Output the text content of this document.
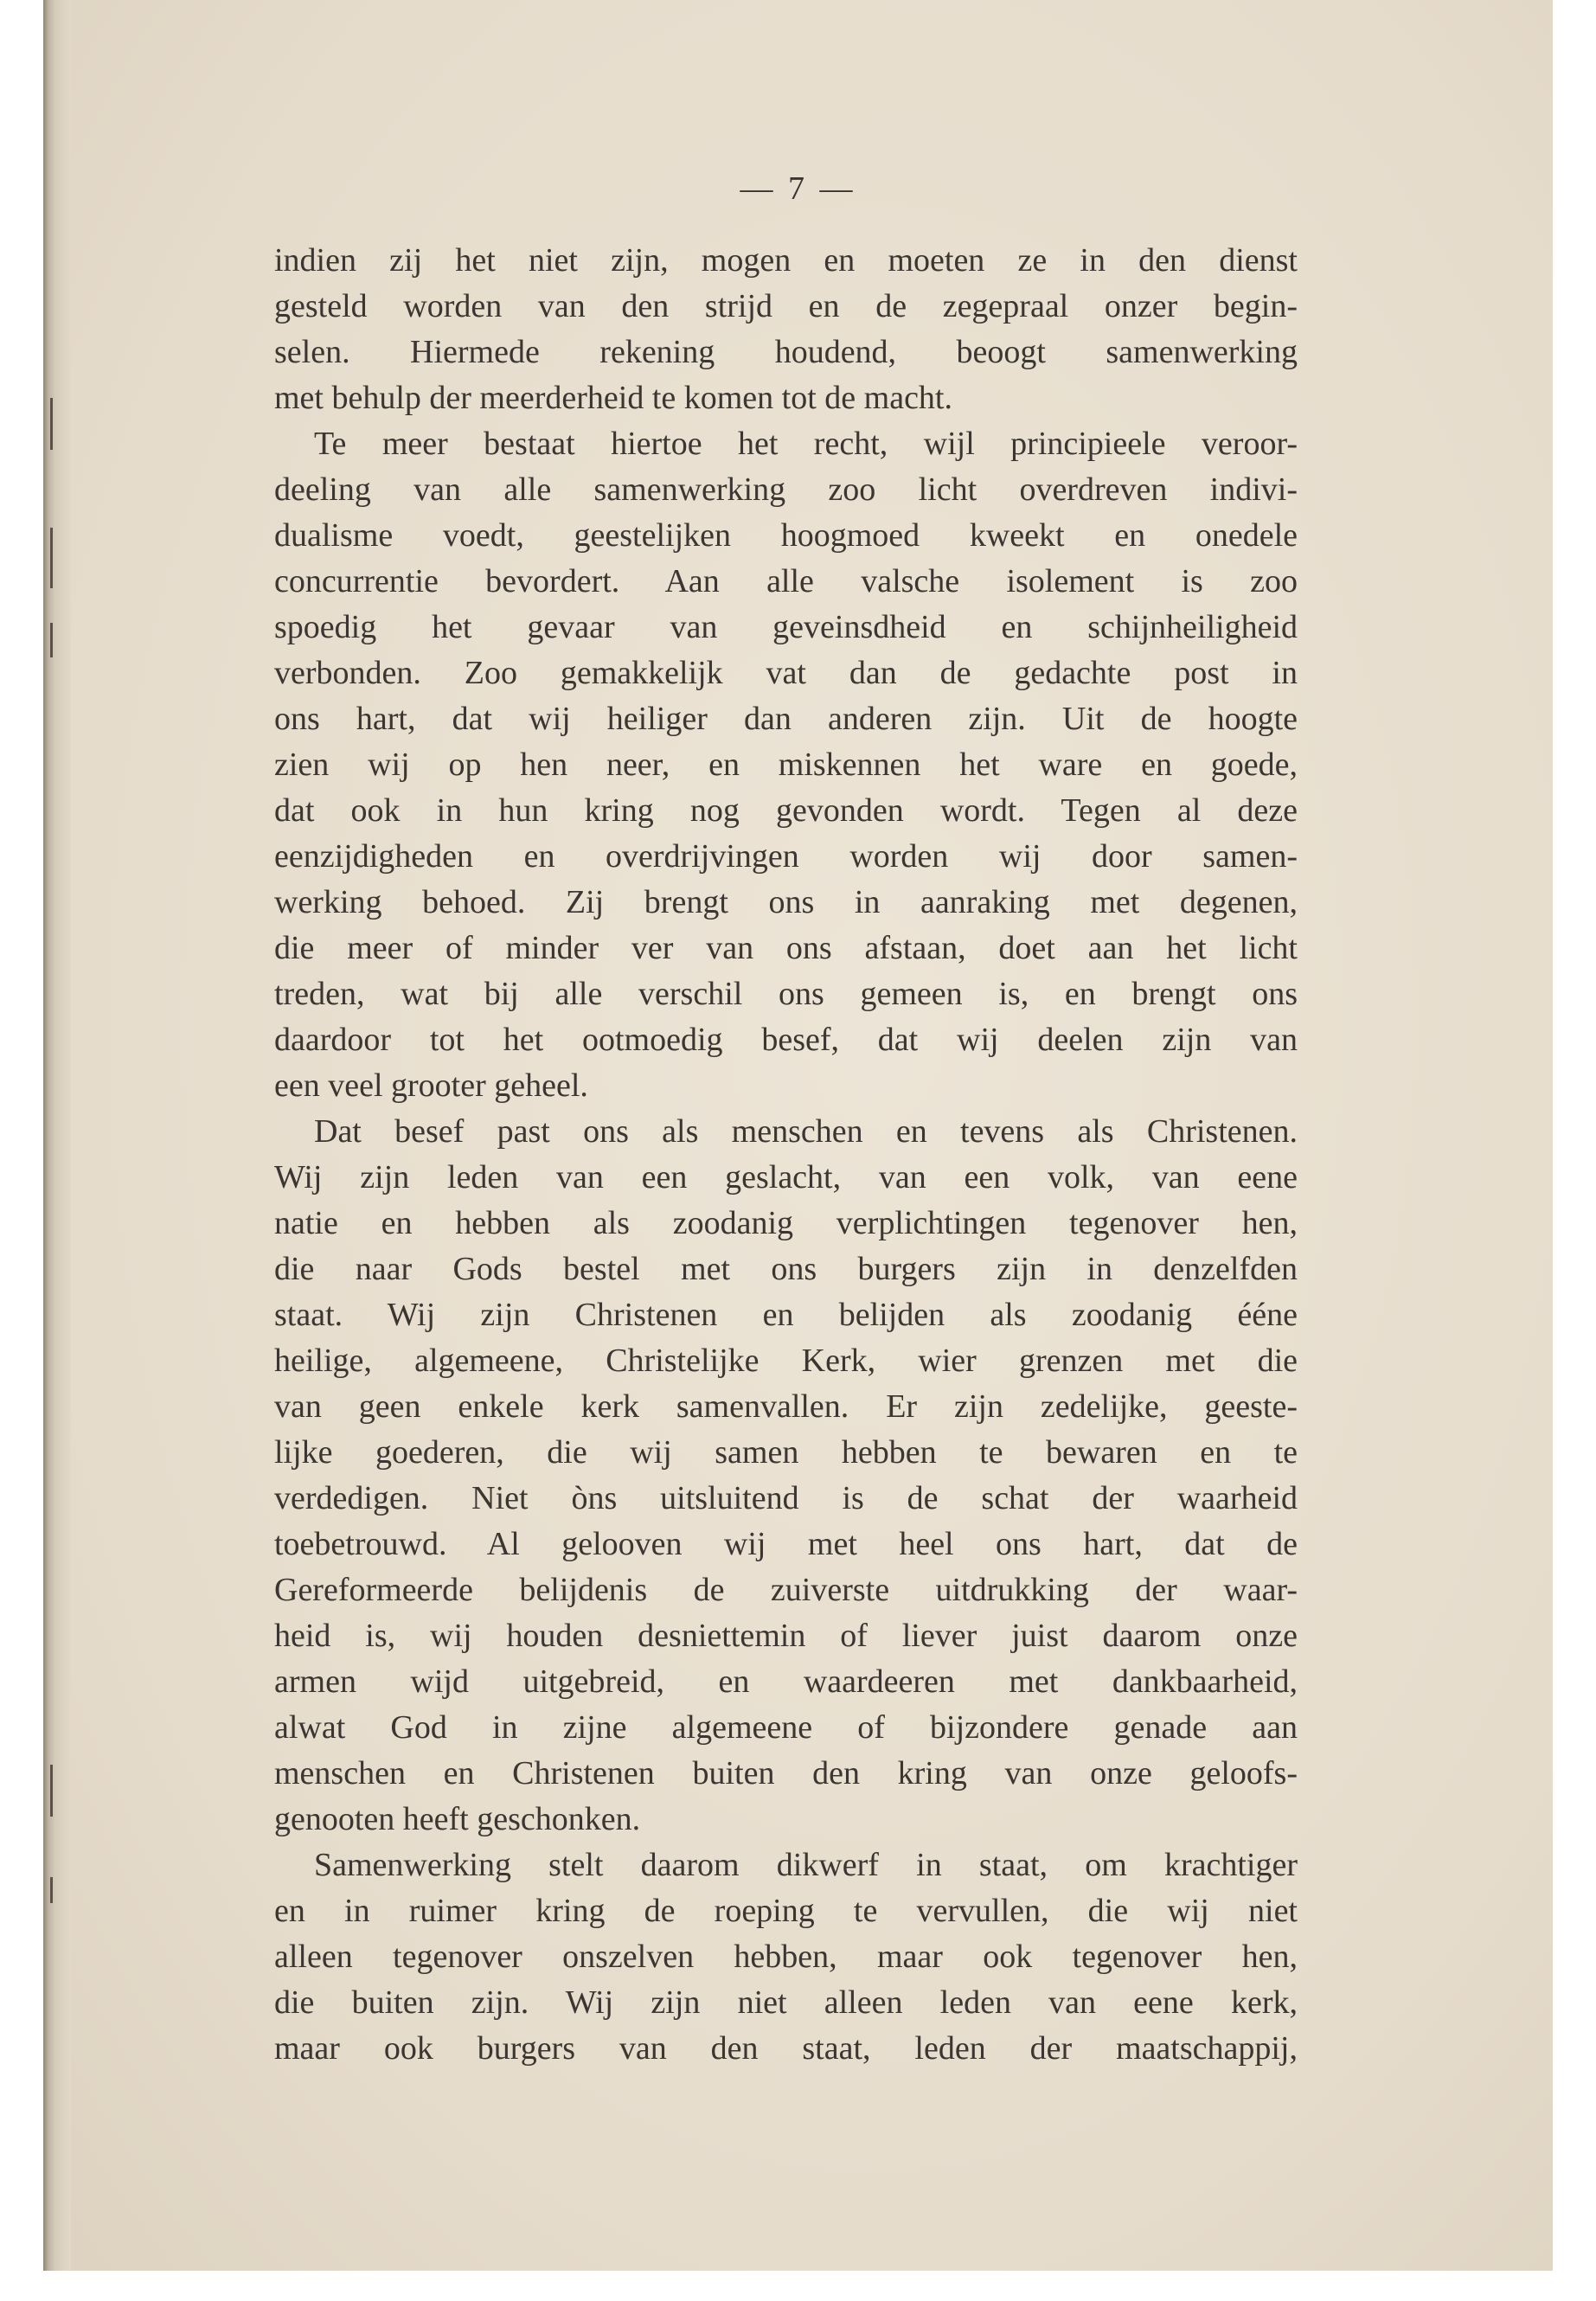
— 7 —
indien zij het niet zijn, mogen en moeten ze in den dienst
gesteld worden van den strijd en de zegepraal onzer begin-
selen. Hiermede rekening houdend, beoogt samenwerking
met behulp der meerderheid te komen tot de macht.
Te meer bestaat hiertoe het recht, wijl principieele veroor-
deeling van alle samenwerking zoo licht overdreven indivi-
dualisme voedt, geestelijken hoogmoed kweekt en onedele
concurrentie bevordert. Aan alle valsche isolement is zoo
spoedig het gevaar van geveinsdheid en schijnheiligheid
verbonden. Zoo gemakkelijk vat dan de gedachte post in
ons hart, dat wij heiliger dan anderen zijn. Uit de hoogte
zien wij op hen neer, en miskennen het ware en goede,
dat ook in hun kring nog gevonden wordt. Tegen al deze
eenzijdigheden en overdrijvingen worden wij door samen-
werking behoed. Zij brengt ons in aanraking met degenen,
die meer of minder ver van ons afstaan, doet aan het licht
treden, wat bij alle verschil ons gemeen is, en brengt ons
daardoor tot het ootmoedig besef, dat wij deelen zijn van
een veel grooter geheel.
Dat besef past ons als menschen en tevens als Christenen.
Wij zijn leden van een geslacht, van een volk, van eene
natie en hebben als zoodanig verplichtingen tegenover hen,
die naar Gods bestel met ons burgers zijn in denzelfden
staat. Wij zijn Christenen en belijden als zoodanig ééne
heilige, algemeene, Christelijke Kerk, wier grenzen met die
van geen enkele kerk samenvallen. Er zijn zedelijke, geeste-
lijke goederen, die wij samen hebben te bewaren en te
verdedigen. Niet òns uitsluitend is de schat der waarheid
toebetrouwd. Al gelooven wij met heel ons hart, dat de
Gereformeerde belijdenis de zuiverste uitdrukking der waar-
heid is, wij houden desniettemin of liever juist daarom onze
armen wijd uitgebreid, en waardeeren met dankbaarheid,
alwat God in zijne algemeene of bijzondere genade aan
menschen en Christenen buiten den kring van onze geloofs-
genooten heeft geschonken.
Samenwerking stelt daarom dikwerf in staat, om krachtiger
en in ruimer kring de roeping te vervullen, die wij niet
alleen tegenover onszelven hebben, maar ook tegenover hen,
die buiten zijn. Wij zijn niet alleen leden van eene kerk,
maar ook burgers van den staat, leden der maatschappij,
